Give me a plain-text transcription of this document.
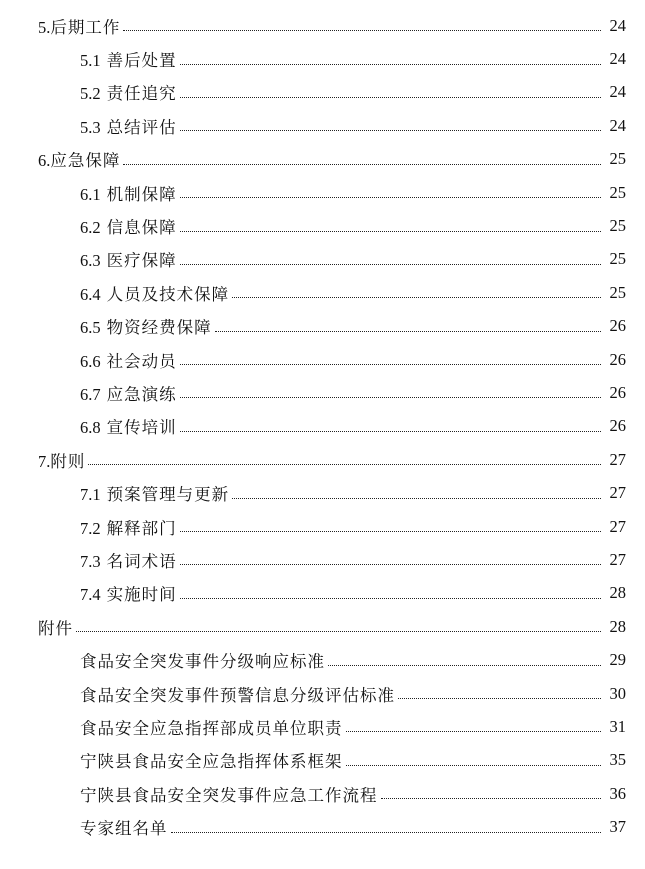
5.后期工作	24
5.1 善后处置	24
5.2 责任追究	24
5.3 总结评估	24
6.应急保障	25
6.1 机制保障	25
6.2 信息保障	25
6.3 医疗保障	25
6.4 人员及技术保障	25
6.5 物资经费保障	26
6.6 社会动员	26
6.7 应急演练	26
6.8 宣传培训	26
7.附则	27
7.1 预案管理与更新	27
7.2 解释部门	27
7.3 名词术语	27
7.4 实施时间	28
附件	28
食品安全突发事件分级响应标准	29
食品安全突发事件预警信息分级评估标准	30
食品安全应急指挥部成员单位职责	31
宁陕县食品安全应急指挥体系框架	35
宁陕县食品安全突发事件应急工作流程	36
专家组名单	37
